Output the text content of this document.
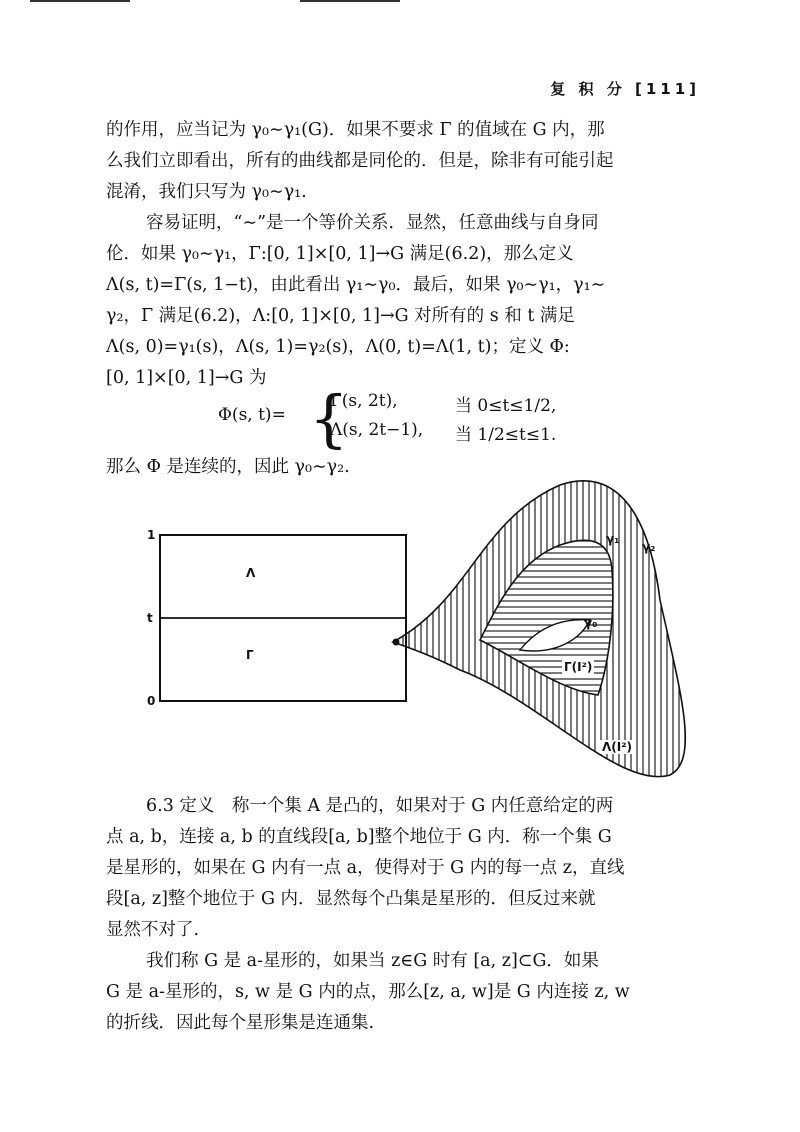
复 积 分 [111]
的作用，应当记为 γ₀∼γ₁(G)．如果不要求 Γ 的值域在 G 内，那
么我们立即看出，所有的曲线都是同伦的．但是，除非有可能引起
混淆，我们只写为 γ₀∼γ₁.
容易证明，“∼”是一个等价关系．显然，任意曲线与自身同
伦．如果 γ₀∼γ₁，Γ:[0, 1]×[0, 1]→G 满足(6.2)，那么定义
Λ(s, t)=Γ(s, 1−t)，由此看出 γ₁∼γ₀．最后，如果 γ₀∼γ₁，γ₁∼
γ₂，Γ 满足(6.2)，Λ:[0, 1]×[0, 1]→G 对所有的 s 和 t 满足
Λ(s, 0)=γ₁(s)，Λ(s, 1)=γ₂(s)，Λ(0, t)=Λ(1, t)；定义 Φ:
[0, 1]×[0, 1]→G 为
Φ(s, t)= {
Γ(s, 2t),	当 0≤t≤1/2,
Λ(s, 2t−1), 当 1/2≤t≤1.
那么 Φ 是连续的，因此 γ₀∼γ₂.
1
t
0
Λ
Γ
γ₁
γ₂
γ₀
Γ(I²)
Λ(I²)
6.3 定义　称一个集 A 是凸的，如果对于 G 内任意给定的两
点 a, b，连接 a, b 的直线段[a, b]整个地位于 G 内．称一个集 G
是星形的，如果在 G 内有一点 a，使得对于 G 内的每一点 z，直线
段[a, z]整个地位于 G 内．显然每个凸集是星形的．但反过来就
显然不对了.
我们称 G 是 a-星形的，如果当 z∈G 时有 [a, z]⊂G．如果
G 是 a-星形的，s, w 是 G 内的点，那么[z, a, w]是 G 内连接 z, w
的折线．因此每个星形集是连通集.
